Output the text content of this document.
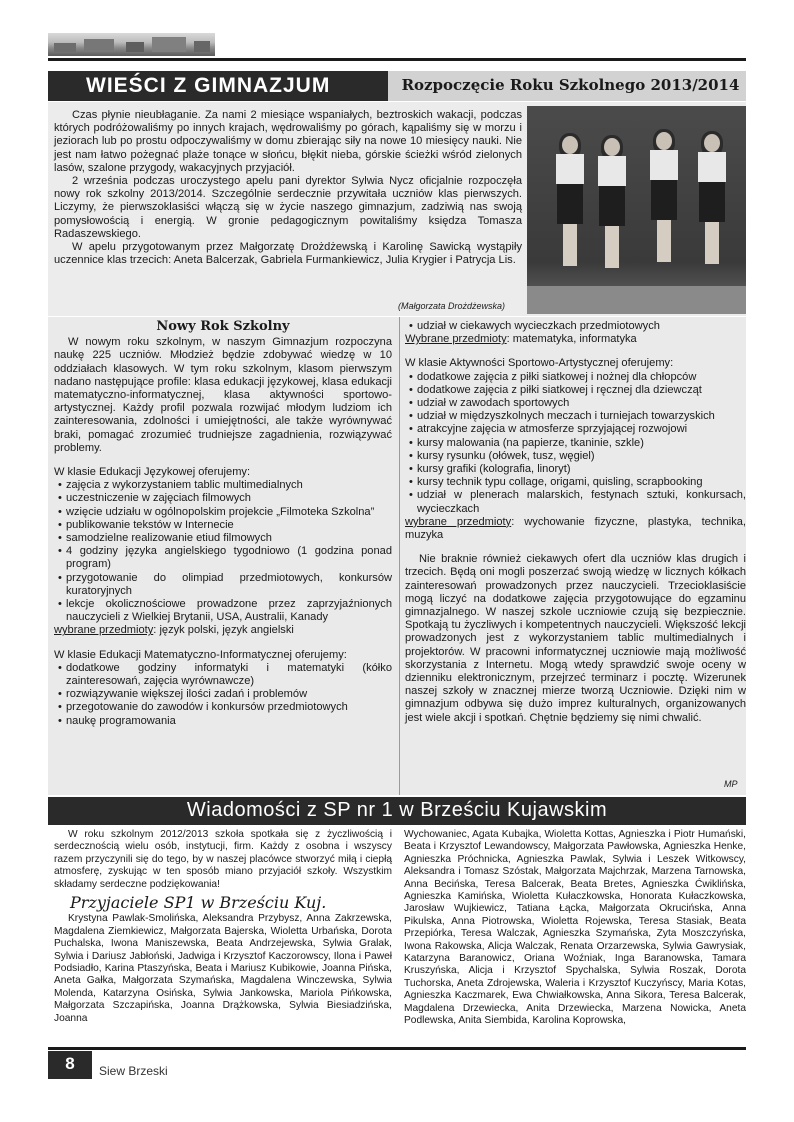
WIEŚCI Z GIMNAZJUM	Rozpoczęcie Roku Szkolnego 2013/2014

Czas płynie nieubłaganie. Za nami 2 miesiące wspaniałych, beztroskich wakacji, podczas których podróżowaliśmy po innych krajach, wędrowaliśmy po górach, kąpaliśmy się w morzu i jeziorach lub po prostu odpoczywaliśmy w domu zbierając siły na nowe 10 miesięcy nauki. Nie jest nam łatwo pożegnać plaże tonące w słońcu, błękit nieba, górskie ścieżki wśród zielonych lasów, szalone przygody, wakacyjnych przyjaciół.

2 września podczas uroczystego apelu pani dyrektor Sylwia Nycz oficjalnie rozpoczęła nowy rok szkolny 2013/2014. Szczególnie serdecznie przywitała uczniów klas pierwszych. Liczymy, że pierwszoklasiści włączą się w życie naszego gimnazjum, zadziwią nas swoją pomysłowością i energią. W gronie pedagogicznym powitaliśmy księdza Tomasza Radaszewskiego.

W apelu przygotowanym przez Małgorzatę Drożdżewską i Karolinę Sawicką wystąpiły uczennice klas trzecich: Aneta Balcerzak, Gabriela Furmankiewicz, Julia Krygier i Patrycja Lis.

(Małgorzata Drożdżewska)
Nowy Rok Szkolny

W nowym roku szkolnym, w naszym Gimnazjum rozpoczyna naukę 225 uczniów. Młodzież będzie zdobywać wiedzę w 10 oddziałach klasowych. W tym roku szkolnym, klasom pierwszym nadano następujące profile: klasa edukacji językowej, klasa edukacji matematyczno-informatycznej, klasa aktywności sportowo-artystycznej. Każdy profil pozwala rozwijać młodym ludziom ich zainteresowania, zdolności i umiejętności, ale także wyrównywać braki, pomagać zrozumieć trudniejsze zagadnienia, rozwiązywać problemy.

W klasie Edukacji Językowej oferujemy:

• zajęcia z wykorzystaniem tablic multimedialnych
• uczestniczenie w zajęciach filmowych
• wzięcie udziału w ogólnopolskim projekcie „Filmoteka Szkolna”
• publikowanie tekstów w Internecie
• samodzielne realizowanie etiud filmowych
• 4 godziny języka angielskiego tygodniowo (1 godzina ponad program)
• przygotowanie do olimpiad przedmiotowych, konkursów kuratoryjnych
• lekcje okolicznościowe prowadzone przez zaprzyjaźnionych nauczycieli z Wielkiej Brytanii, USA, Australii, Kanady

wybrane przedmioty: język polski, język angielski

W klasie Edukacji Matematyczno-Informatycznej oferujemy:

• dodatkowe godziny informatyki i matematyki (kółko zainteresowań, zajęcia wyrównawcze)
• rozwiązywanie większej ilości zadań i problemów
• przegotowanie do zawodów i konkursów przedmiotowych
• naukę programowania
• udział w ciekawych wycieczkach przedmiotowych

Wybrane przedmioty: matematyka, informatyka

W klasie Aktywności Sportowo-Artystycznej oferujemy:

• dodatkowe zajęcia z piłki siatkowej i nożnej dla chłopców
• dodatkowe zajęcia z piłki siatkowej i ręcznej dla dziewcząt
• udział w zawodach sportowych
• udział w międzyszkolnych meczach i turniejach towarzyskich
• atrakcyjne zajęcia w atmosferze sprzyjającej rozwojowi
• kursy malowania (na papierze, tkaninie, szkle)
• kursy rysunku (ołówek, tusz, węgiel)
• kursy grafiki (kolografia, linoryt)
• kursy technik typu collage, origami, quisling, scrapbooking
• udział w plenerach malarskich, festynach sztuki, konkursach, wycieczkach

wybrane przedmioty: wychowanie fizyczne, plastyka, technika, muzyka

Nie braknie również ciekawych ofert dla uczniów klas drugich i trzecich. Będą oni mogli poszerzać swoją wiedzę w licznych kółkach zainteresowań prowadzonych przez nauczycieli. Trzecioklasiście mogą liczyć na dodatkowe zajęcia przygotowujące do egzaminu gimnazjalnego. W naszej szkole uczniowie czują się bezpiecznie. Spotkają tu życzliwych i kompetentnych nauczycieli. Większość lekcji prowadzonych jest z wykorzystaniem tablic multimedialnych i projektorów. W pracowni informatycznej uczniowie mają możliwość skorzystania z Internetu. Mogą wtedy sprawdzić swoje oceny w dzienniku elektronicznym, przejrzeć terminarz i pocztę. Wizerunek naszej szkoły w znacznej mierze tworzą Uczniowie. Dzięki nim w gimnazjum odbywa się dużo imprez kulturalnych, organizowanych jest wiele akcji i spotkań. Chętnie będziemy się nimi chwalić.

MP
Wiadomości z SP nr 1 w Brześciu Kujawskim

W roku szkolnym 2012/2013 szkoła spotkała się z życzliwością i serdecznością wielu osób, instytucji, firm. Każdy z osobna i wszyscy razem przyczynili się do tego, by w naszej placówce stworzyć miłą i ciepłą atmosferę, zyskując w ten sposób miano przyjaciół szkoły. Wszystkim składamy serdeczne podziękowania!

Przyjaciele SP1 w Brześciu Kuj.

Krystyna Pawlak-Smolińska, Aleksandra Przybysz, Anna Zakrzewska, Magdalena Ziemkiewicz, Małgorzata Bajerska, Wioletta Urbańska, Dorota Puchalska, Iwona Maniszewska, Beata Andrzejewska, Sylwia Gralak, Sylwia i Dariusz Jabłoński, Jadwiga i Krzysztof Kaczorowscy, Ilona i Paweł Podsiadło, Karina Ptaszyńska, Beata i Mariusz Kubikowie, Joanna Pińska, Aneta Gałka, Małgorzata Szymańska, Magdalena Winczewska, Sylwia Molenda, Katarzyna Osińska, Sylwia Jankowska, Mariola Pińkowska, Małgorzata Szczapińska, Joanna Drążkowska, Sylwia Biesiadzińska, Joanna

Wychowaniec, Agata Kubajka, Wioletta Kottas, Agnieszka i Piotr Humański, Beata i Krzysztof Lewandowscy, Małgorzata Pawłowska, Agnieszka Henke, Agnieszka Próchnicka, Agnieszka Pawlak, Sylwia i Leszek Witkowscy, Aleksandra i Tomasz Szóstak, Małgorzata Majchrzak, Marzena Tarnowska, Anna Becińska, Teresa Balcerak, Beata Bretes, Agnieszka Ćwiklińska, Agnieszka Kamińska, Wioletta Kułaczkowska, Honorata Kułaczkowska, Jarosław Wujkiewicz, Tatiana Łącka, Małgorzata Okrucińska, Anna Pikulska, Anna Piotrowska, Wioletta Rojewska, Teresa Stasiak, Beata Przepiórka, Teresa Walczak, Agnieszka Szymańska, Zyta Moszczyńska, Iwona Rakowska, Alicja Walczak, Renata Orzarzewska, Sylwia Gawrysiak, Katarzyna Baranowicz, Oriana Woźniak, Inga Baranowska, Tamara Kruszyńska, Alicja i Krzysztof Spychalska, Sylwia Roszak, Dorota Tuchorska, Aneta Zdrojewska, Waleria i Krzysztof Kuczyńscy, Maria Kotas, Agnieszka Kaczmarek, Ewa Chwiałkowska, Anna Sikora, Teresa Balcerak, Magdalena Drzewiecka, Anita Drzewiecka, Marzena Nowicka, Aneta Podlewska, Anita Siembida, Karolina Koprowska,

8	Siew Brzeski
